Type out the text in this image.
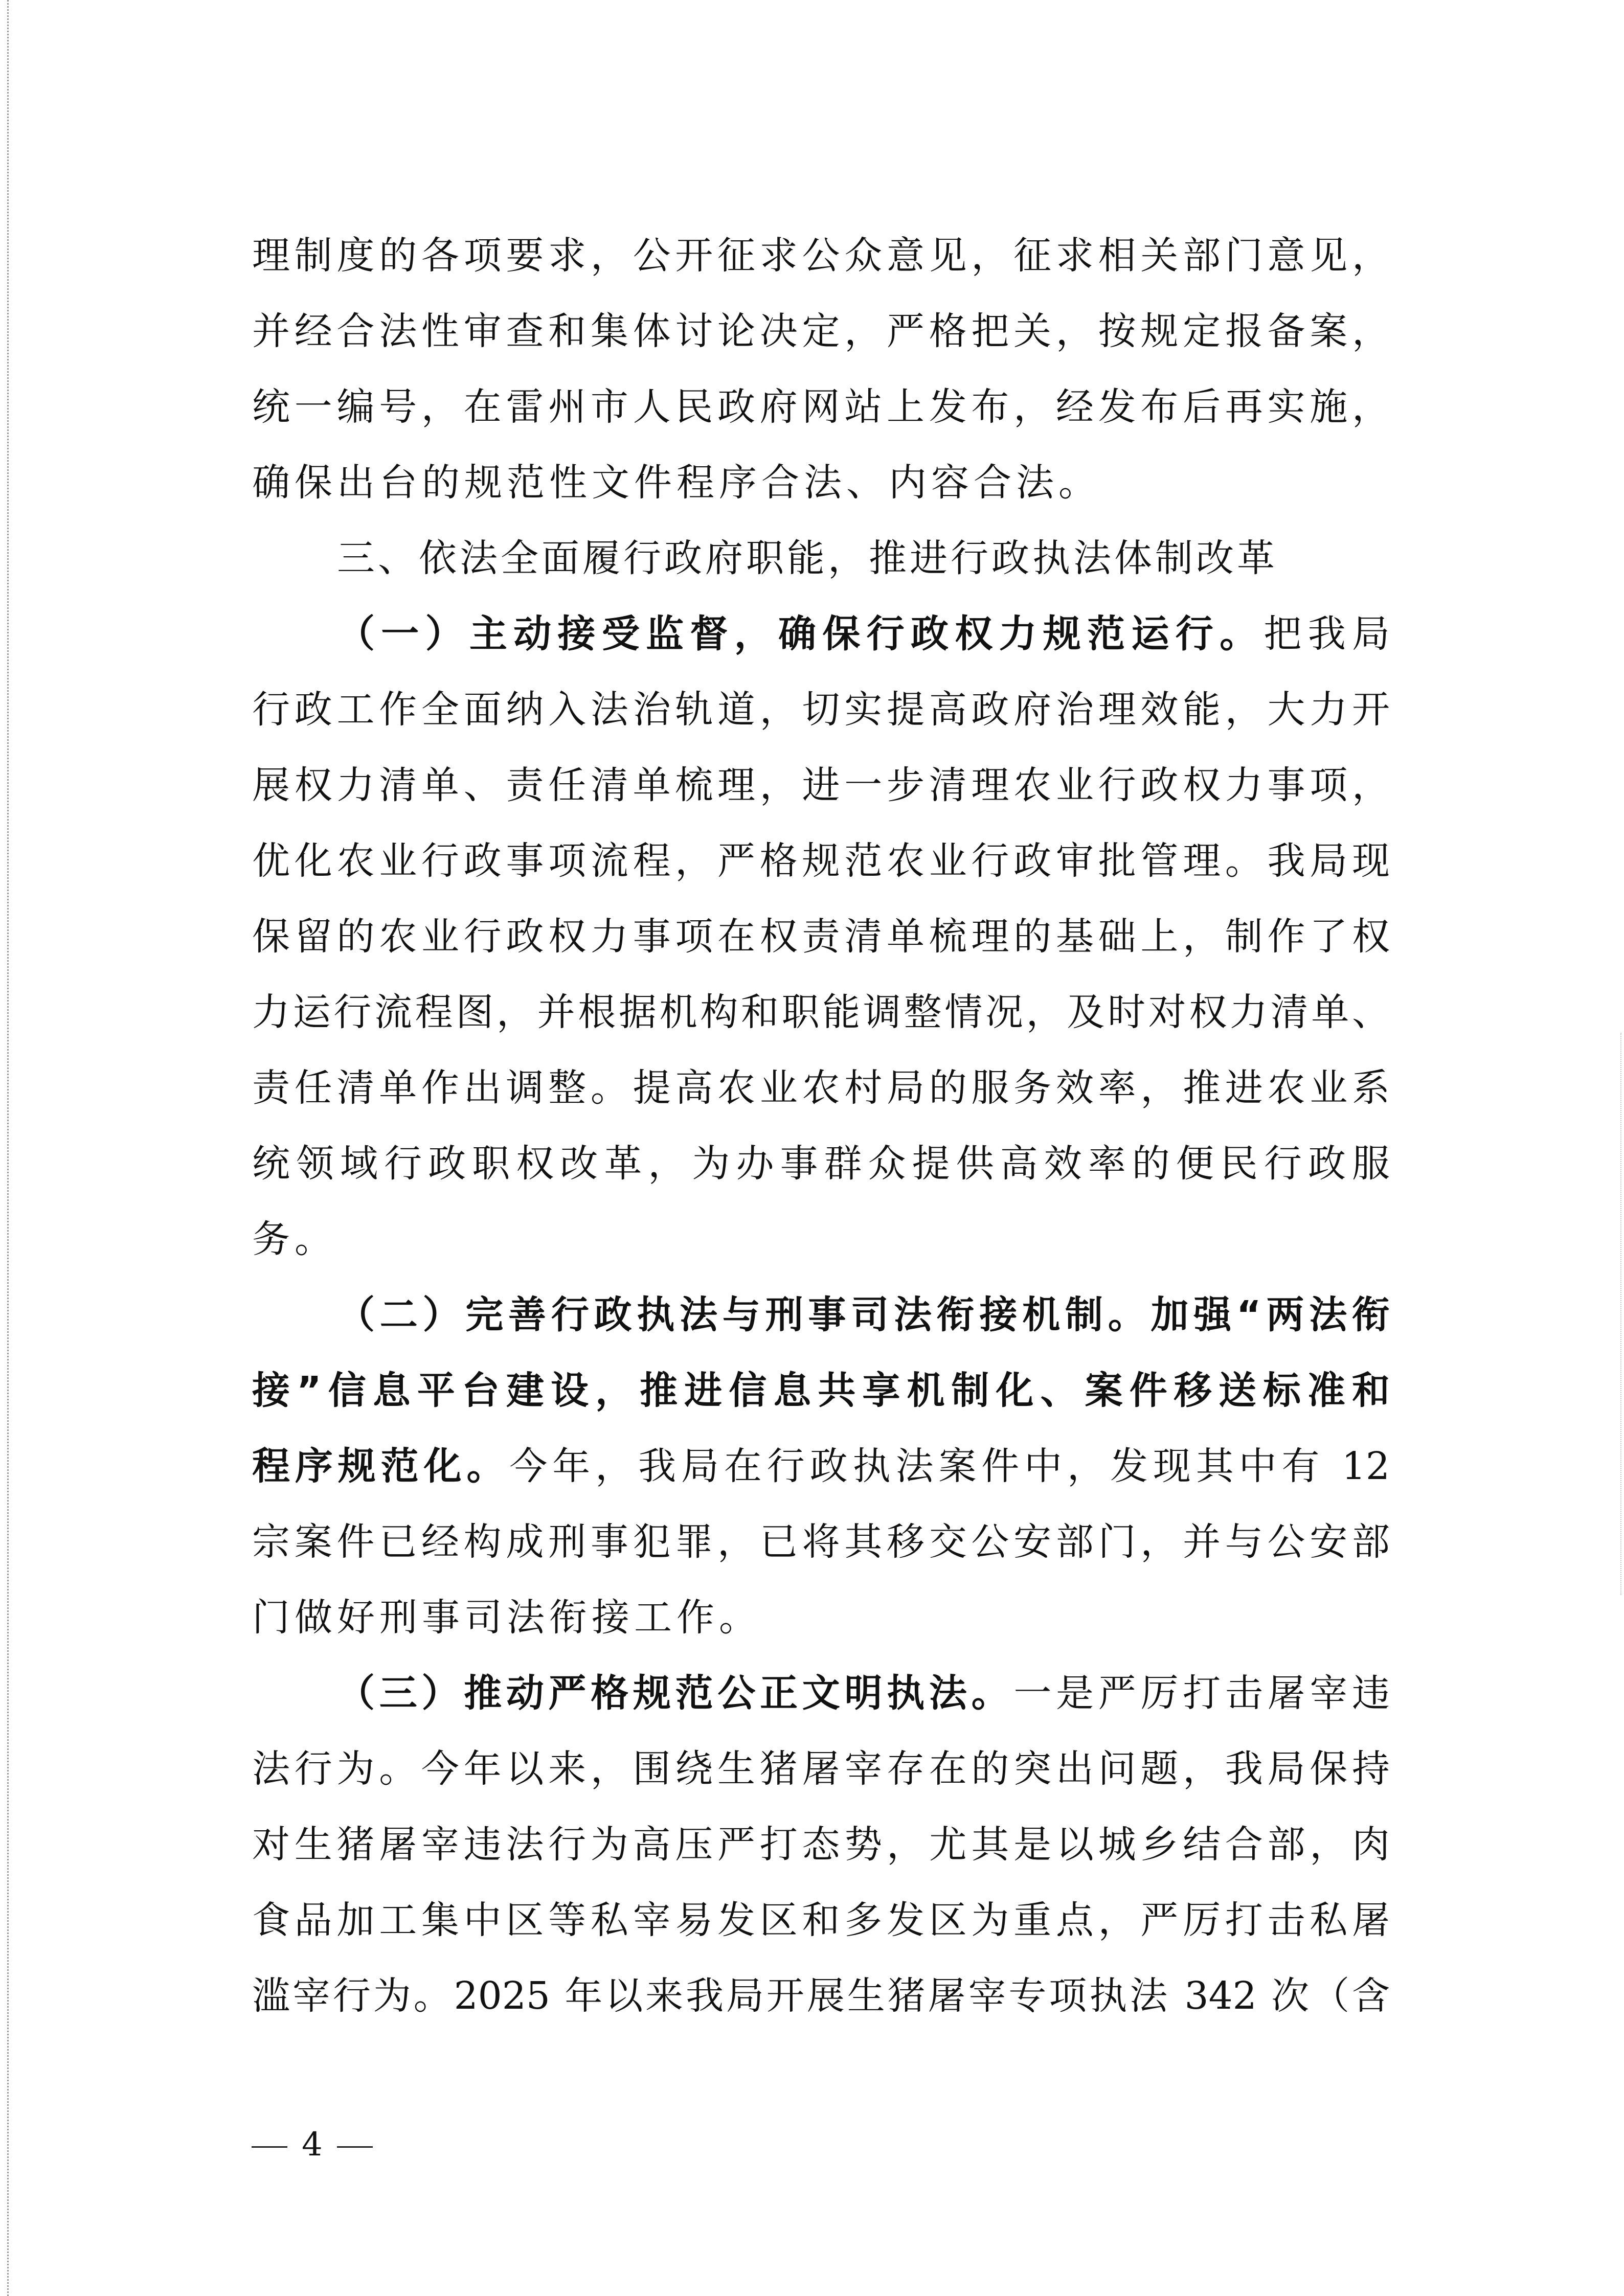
理制度的各项要求，公开征求公众意见，征求相关部门意见，
并经合法性审查和集体讨论决定，严格把关，按规定报备案，
统一编号，在雷州市人民政府网站上发布，经发布后再实施，
确保出台的规范性文件程序合法、内容合法。
三、依法全面履行政府职能，推进行政执法体制改革
（一）主动接受监督，确保行政权力规范运行。把我局
行政工作全面纳入法治轨道，切实提高政府治理效能，大力开
展权力清单、责任清单梳理，进一步清理农业行政权力事项，
优化农业行政事项流程，严格规范农业行政审批管理。我局现
保留的农业行政权力事项在权责清单梳理的基础上，制作了权
力运行流程图，并根据机构和职能调整情况，及时对权力清单、
责任清单作出调整。提高农业农村局的服务效率，推进农业系
统领域行政职权改革，为办事群众提供高效率的便民行政服
务。
（二）完善行政执法与刑事司法衔接机制。加强“两法衔
接”信息平台建设，推进信息共享机制化、案件移送标准和
程序规范化。今年，我局在行政执法案件中，发现其中有 12
宗案件已经构成刑事犯罪，已将其移交公安部门，并与公安部
门做好刑事司法衔接工作。
（三）推动严格规范公正文明执法。一是严厉打击屠宰违
法行为。今年以来，围绕生猪屠宰存在的突出问题，我局保持
对生猪屠宰违法行为高压严打态势，尤其是以城乡结合部，肉
食品加工集中区等私宰易发区和多发区为重点，严厉打击私屠
滥宰行为。2025 年以来我局开展生猪屠宰专项执法 342 次（含
4
